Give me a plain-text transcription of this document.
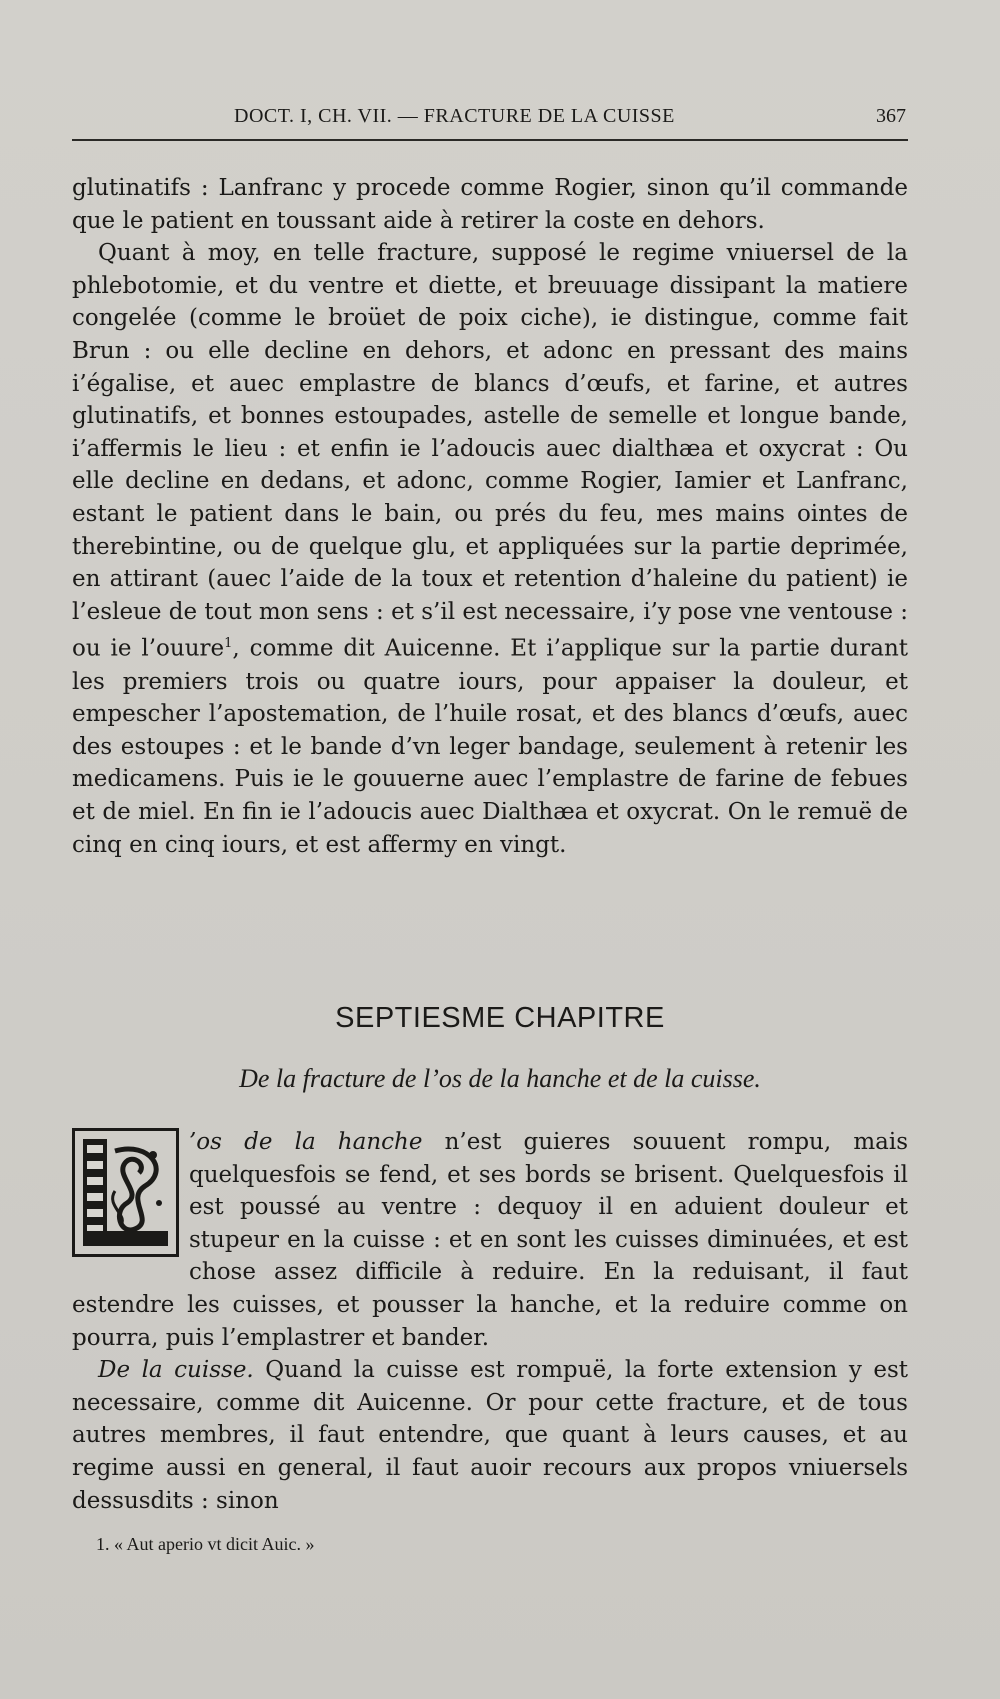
DOCT. I, CH. VII. — FRACTURE DE LA CUISSE	367

glutinatifs : Lanfranc y procede comme Rogier, sinon qu’il commande que le patient en toussant aide à retirer la coste en dehors.

Quant à moy, en telle fracture, supposé le regime vniuersel de la phlebotomie, et du ventre et diette, et breuuage dissipant la matiere congelée (comme le broüet de poix ciche), ie distingue, comme fait Brun : ou elle decline en dehors, et adonc en pressant des mains i’égalise, et auec emplastre de blancs d’œufs, et farine, et autres glutinatifs, et bonnes estoupades, astelle de semelle et longue bande, i’affermis le lieu : et enfin ie l’adoucis auec dialthæa et oxycrat : Ou elle decline en dedans, et adonc, comme Rogier, Iamier et Lanfranc, estant le patient dans le bain, ou prés du feu, mes mains ointes de therebintine, ou de quelque glu, et appliquées sur la partie deprimée, en attirant (auec l’aide de la toux et retention d’haleine du patient) ie l’esleue de tout mon sens : et s’il est necessaire, i’y pose vne ventouse : ou ie l’ouure$^1$, comme dit Auicenne. Et i’applique sur la partie durant les premiers trois ou quatre iours, pour appaiser la douleur, et empescher l’apostemation, de l’huile rosat, et des blancs d’œufs, auec des estoupes : et le bande d’vn leger bandage, seulement à retenir les medicamens. Puis ie le gouuerne auec l’emplastre de farine de febues et de miel. En fin ie l’adoucis auec Dialthæa et oxycrat. On le remuë de cinq en cinq iours, et est affermy en vingt.

SEPTIESME CHAPITRE
De la fracture de l’os de la hanche et de la cuisse.

’os de la hanche n’est guieres souuent rompu, mais quelquesfois se fend, et ses bords se brisent. Quelquesfois il est poussé au ventre : dequoy il en aduient douleur et stupeur en la cuisse : et en sont les cuisses diminuées, et est chose assez difficile à reduire. En la reduisant, il faut estendre les cuisses, et pousser la hanche, et la reduire comme on pourra, puis l’emplastrer et bander.

De la cuisse. Quand la cuisse est rompuë, la forte extension y est necessaire, comme dit Auicenne. Or pour cette fracture, et de tous autres membres, il faut entendre, que quant à leurs causes, et au regime aussi en general, il faut auoir recours aux propos vniuersels dessusdits : sinon

1. « Aut aperio vt dicit Auic. »
